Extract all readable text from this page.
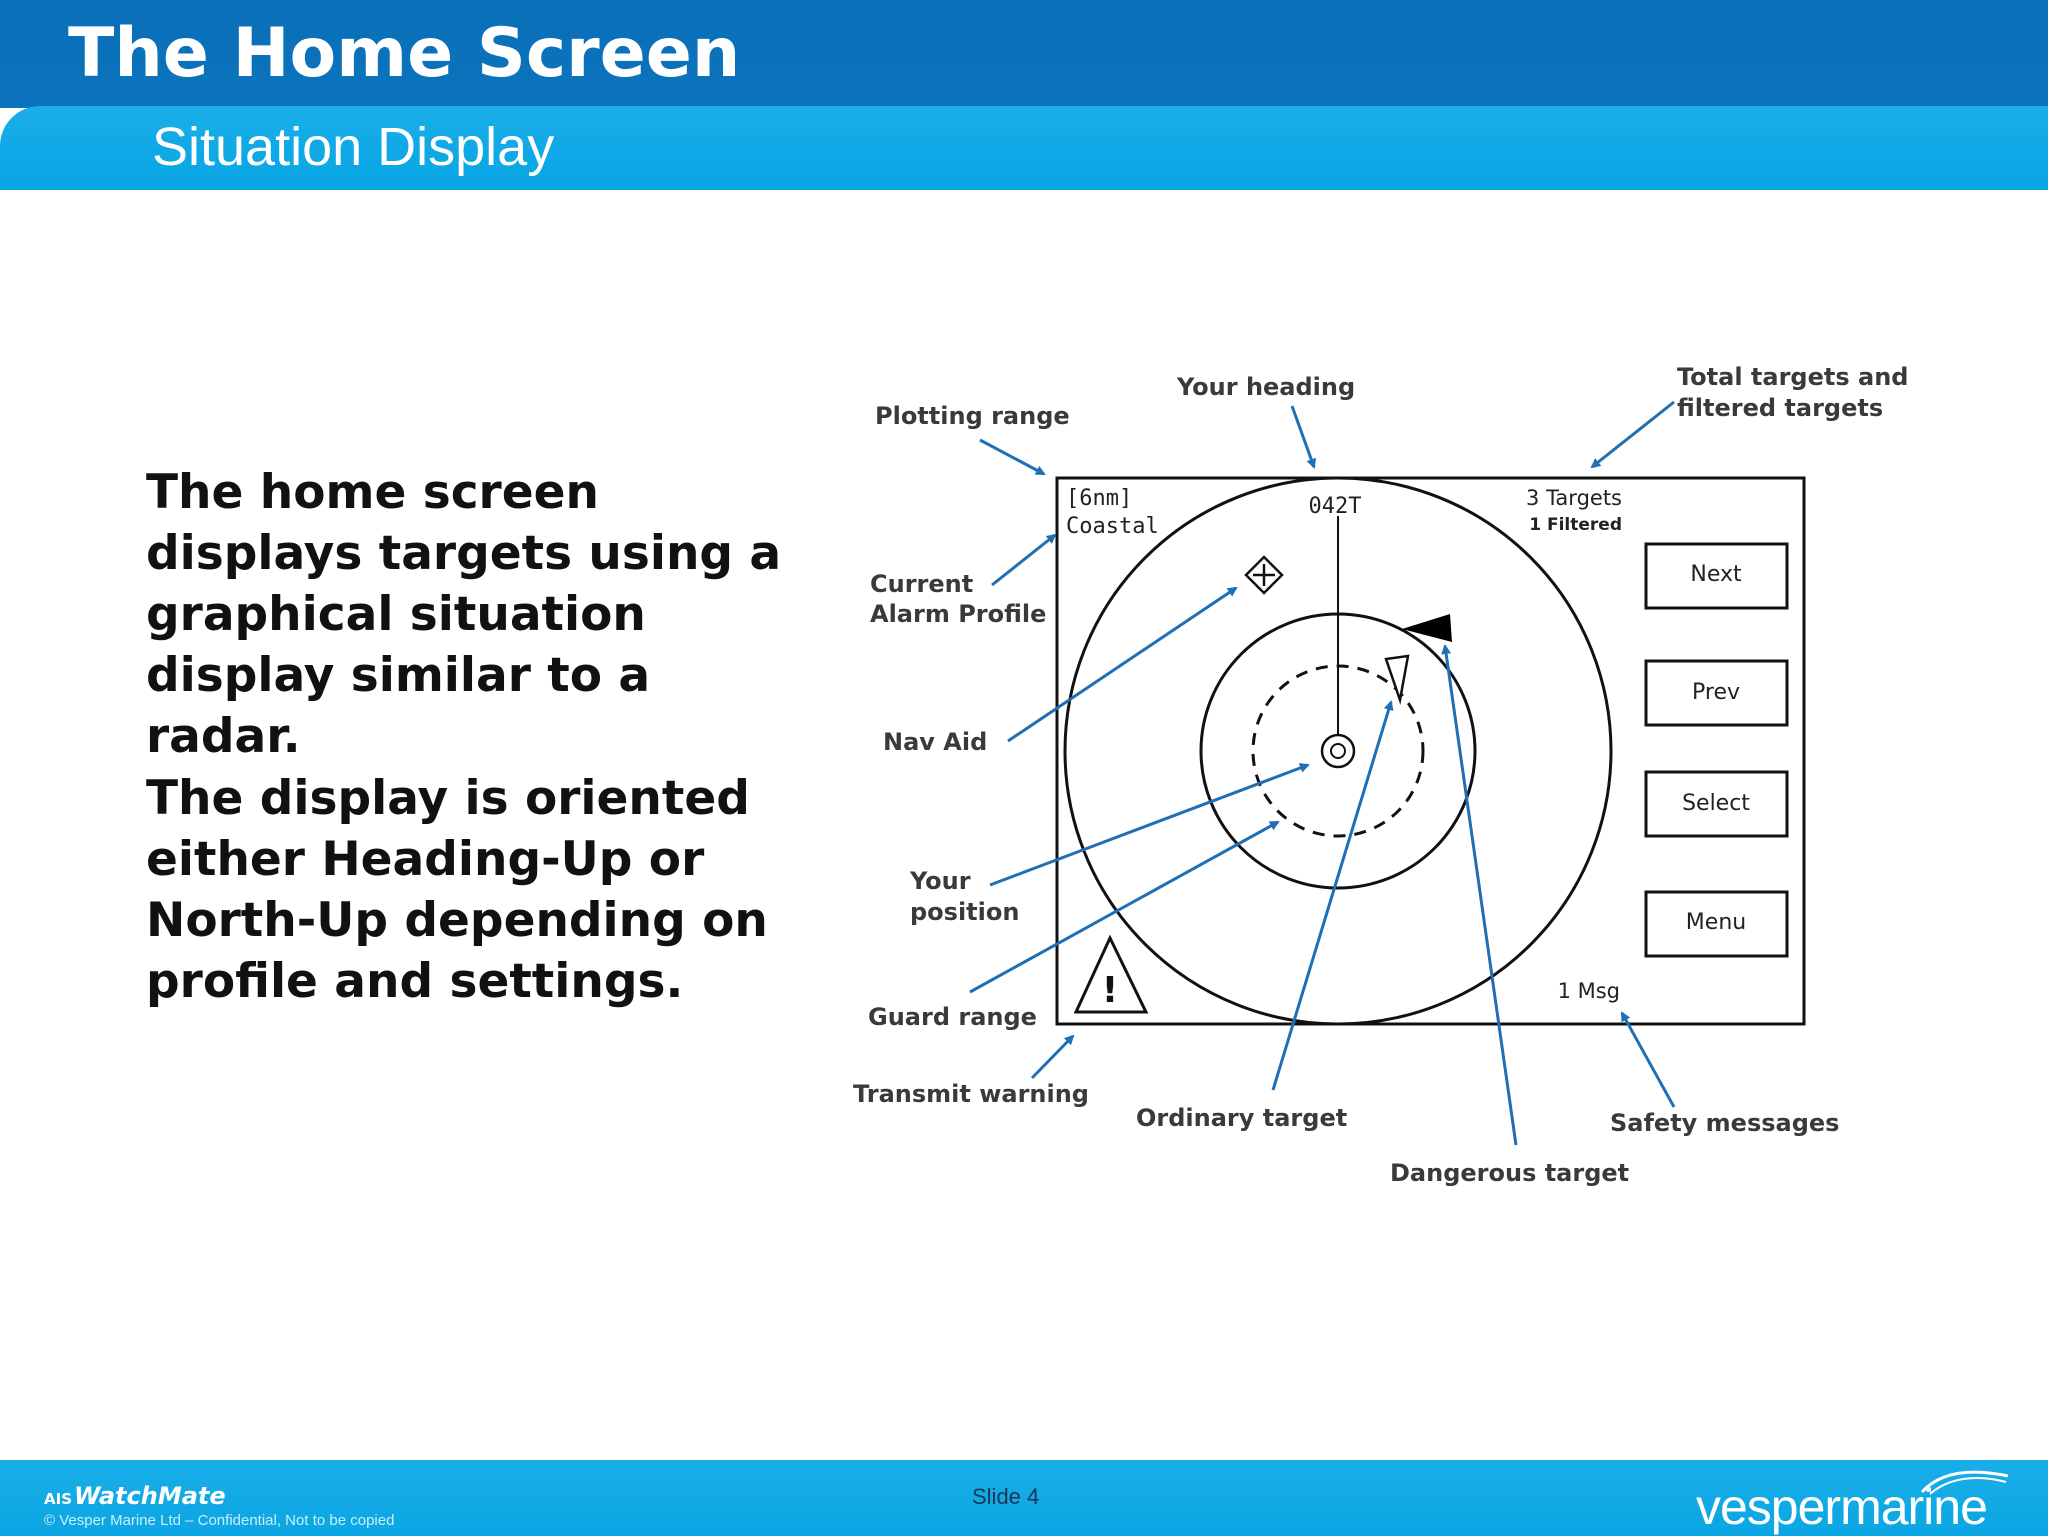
The Home Screen
Situation Display
The home screen displays targets using a graphical situation display similar to a radar.
The display is oriented either Heading-Up or North-Up depending on profile and settings.	!
[6nm]
Coastal
042T	3 Targets
1 Filtered
1 Msg
Next
Prev
Select
Menu
Plotting range
Your heading	Total targets and
filtered targets
Current
Alarm Profile
Nav Aid
Your
position
Guard range
Transmit warning
Ordinary target
Dangerous target
Safety messages
AISWatchMate
© Vesper Marine Ltd – Confidential, Not to be copied
Slide 4	vespermarine
